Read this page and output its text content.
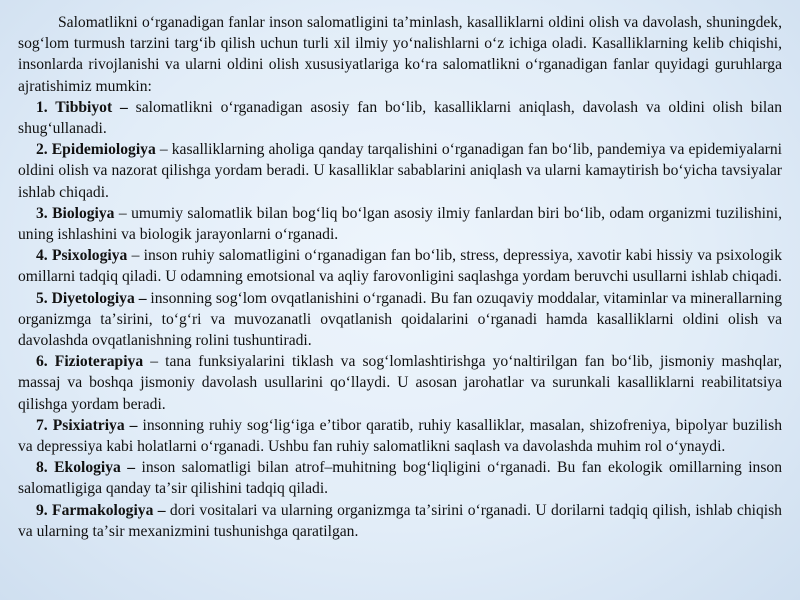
Salomatlikni oʻrganadigan fanlar inson salomatligini taʼminlash, kasalliklarni oldini olish va davolash, shuningdek, sogʻlom turmush tarzini targʻib qilish uchun turli xil ilmiy yoʻnalishlarni oʻz ichiga oladi. Kasalliklarning kelib chiqishi, insonlarda rivojlanishi va ularni oldini olish xususiyatlariga koʻra salomatlikni oʻrganadigan fanlar quyidagi guruhlarga ajratishimiz mumkin:

1. Tibbiyot – salomatlikni oʻrganadigan asosiy fan boʻlib, kasalliklarni aniqlash, davolash va oldini olish bilan shugʻullanadi.

2. Epidemiologiya – kasalliklarning aholiga qanday tarqalishini oʻrganadigan fan boʻlib, pandemiya va epidemiyalarni oldini olish va nazorat qilishga yordam beradi. U kasalliklar sabablarini aniqlash va ularni kamaytirish boʻyicha tavsiyalar ishlab chiqadi.

3. Biologiya – umumiy salomatlik bilan bogʻliq boʻlgan asosiy ilmiy fanlardan biri boʻlib, odam organizmi tuzilishini, uning ishlashini va biologik jarayonlarni oʻrganadi.

4. Psixologiya – inson ruhiy salomatligini oʻrganadigan fan boʻlib, stress, depressiya, xavotir kabi hissiy va psixologik omillarni tadqiq qiladi. U odamning emotsional va aqliy farovonligini saqlashga yordam beruvchi usullarni ishlab chiqadi.

5. Diyetologiya – insonning sogʻlom ovqatlanishini oʻrganadi. Bu fan ozuqaviy moddalar, vitaminlar va minerallarning organizmga taʼsirini, toʻgʻri va muvozanatli ovqatlanish qoidalarini oʻrganadi hamda kasalliklarni oldini olish va davolashda ovqatlanishning rolini tushuntiradi.

6. Fizioterapiya – tana funksiyalarini tiklash va sogʻlomlashtirishga yoʻnaltirilgan fan boʻlib, jismoniy mashqlar, massaj va boshqa jismoniy davolash usullarini qoʻllaydi. U asosan jarohatlar va surunkali kasalliklarni reabilitatsiya qilishga yordam beradi.

7. Psixiatriya – insonning ruhiy sogʻligʻiga eʼtibor qaratib, ruhiy kasalliklar, masalan, shizofreniya, bipolyar buzilish va depressiya kabi holatlarni oʻrganadi. Ushbu fan ruhiy salomatlikni saqlash va davolashda muhim rol oʻynaydi.

8. Ekologiya – inson salomatligi bilan atrof–muhitning bogʻliqligini oʻrganadi. Bu fan ekologik omillarning inson salomatligiga qanday taʼsir qilishini tadqiq qiladi.

9. Farmakologiya – dori vositalari va ularning organizmga taʼsirini oʻrganadi. U dorilarni tadqiq qilish, ishlab chiqish va ularning taʼsir mexanizmini tushunishga qaratilgan.
